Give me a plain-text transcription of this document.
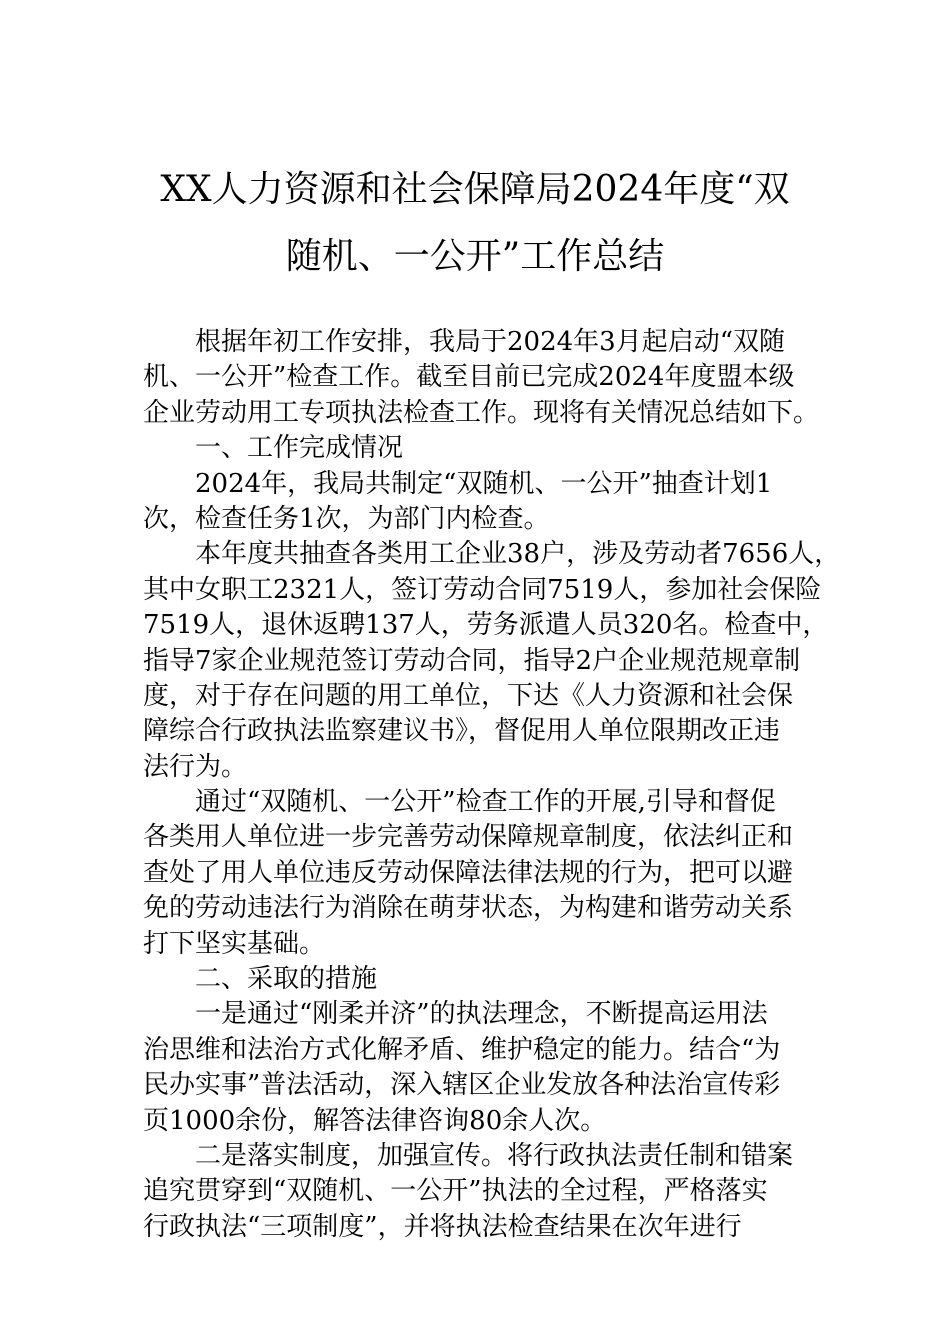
XX人力资源和社会保障局2024年度“双
随机、一公开”工作总结
根据年初工作安排，我局于2024年3月起启动“双随
机、一公开”检查工作。截至目前已完成2024年度盟本级
企业劳动用工专项执法检查工作。现将有关情况总结如下。
一、工作完成情况
2024年，我局共制定“双随机、一公开”抽查计划1
次，检查任务1次，为部门内检查。
本年度共抽查各类用工企业38户，涉及劳动者7656人，
其中女职工2321人，签订劳动合同7519人，参加社会保险
7519人，退休返聘137人，劳务派遣人员320名。检查中，
指导7家企业规范签订劳动合同，指导2户企业规范规章制
度，对于存在问题的用工单位，下达《人力资源和社会保
障综合行政执法监察建议书》，督促用人单位限期改正违
法行为。
通过“双随机、一公开”检查工作的开展,引导和督促
各类用人单位进一步完善劳动保障规章制度，依法纠正和
查处了用人单位违反劳动保障法律法规的行为，把可以避
免的劳动违法行为消除在萌芽状态，为构建和谐劳动关系
打下坚实基础。
二、采取的措施
一是通过“刚柔并济”的执法理念，不断提高运用法
治思维和法治方式化解矛盾、维护稳定的能力。结合“为
民办实事”普法活动，深入辖区企业发放各种法治宣传彩
页1000余份，解答法律咨询80余人次。
二是落实制度，加强宣传。将行政执法责任制和错案
追究贯穿到“双随机、一公开”执法的全过程，严格落实
行政执法“三项制度”，并将执法检查结果在次年进行
